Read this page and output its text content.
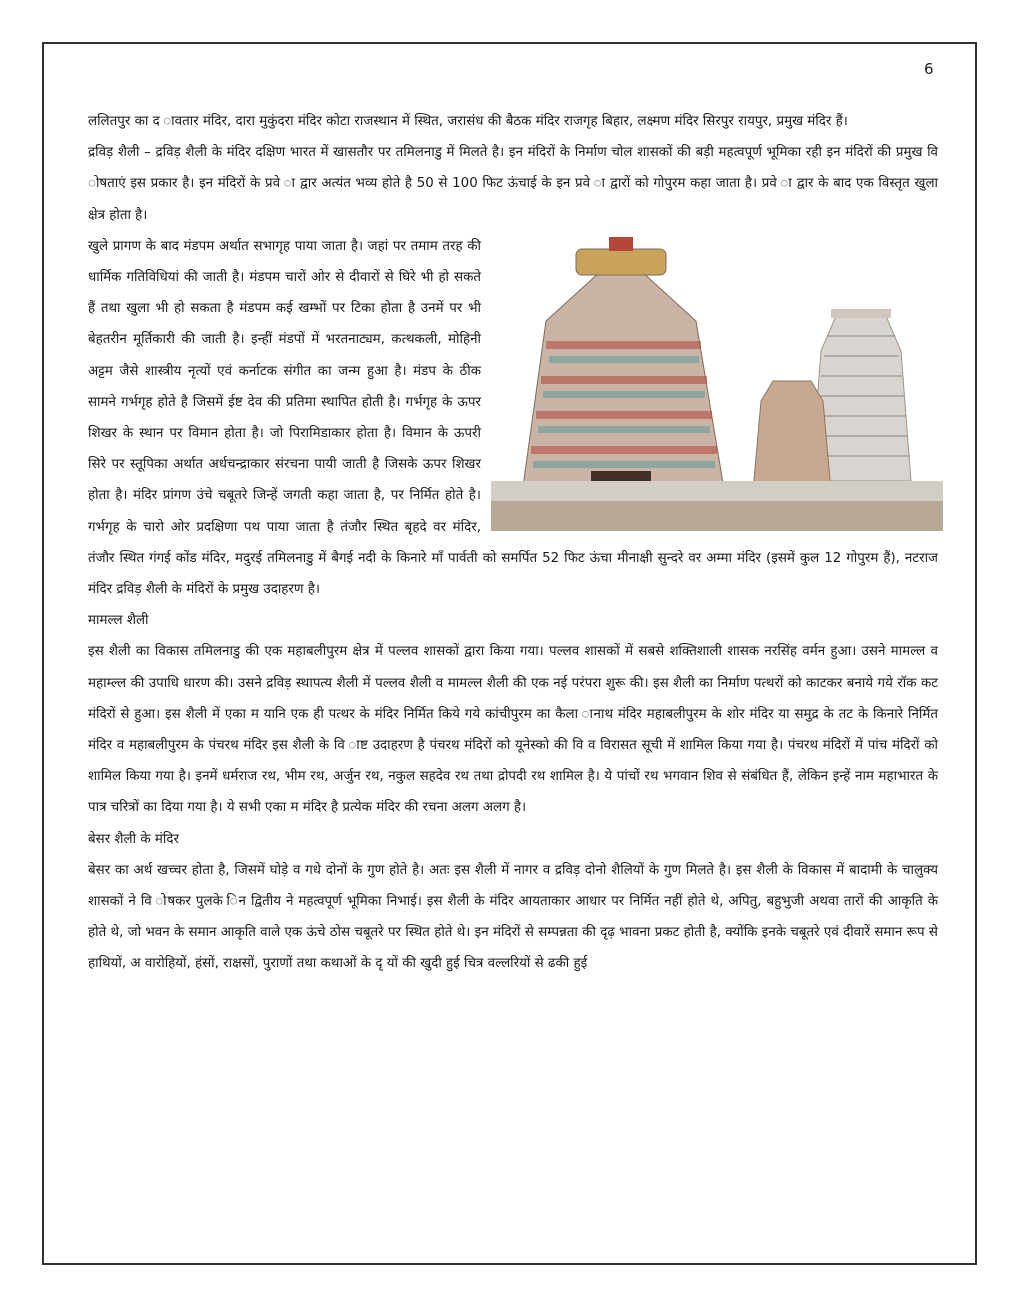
6

ललितपुर का द ावतार मंदिर, दारा मुकुंदरा मंदिर कोटा राजस्थान में स्थित, जरासंध की बैठक मंदिर राजगृह बिहार, लक्ष्मण मंदिर सिरपुर रायपुर, प्रमुख मंदिर हैं।

द्रविड़ शैली – द्रविड़ शैली के मंदिर दक्षिण भारत में खासतौर पर तमिलनाडु में मिलते है। इन मंदिरों के निर्माण चोल शासकों की बड़ी महत्वपूर्ण भूमिका रही इन मंदिरों की प्रमुख वि ोषताएं इस प्रकार है। इन मंदिरों के प्रवे ा द्वार अत्यंत भव्य होते है 50 से 100 फिट ऊंचाई के इन प्रवे ा द्वारों को गोपुरम कहा जाता है। प्रवे ा द्वार के बाद एक विस्तृत खुला क्षेत्र होता है।

खुले प्रागण के बाद मंडपम अर्थात सभागृह पाया जाता है। जहां पर तमाम तरह की धार्मिक गतिविधियां की जाती है। मंडपम चारों ओर से दीवारों से घिरे भी हो सकते हैं तथा खुला भी हो सकता है मंडपम कई खम्भों पर टिका होता है उनमें पर भी बेहतरीन मूर्तिकारी की जाती है। इन्हीं मंडपों में भरतनाट्यम, कत्थकली, मोहिनी अट्टम जैसे शास्त्रीय नृत्यों एवं कर्नाटक संगीत का जन्म हुआ है। मंडप के ठीक सामने गर्भगृह होते है जिसमें ईष्ट देव की प्रतिमा स्थापित होती है। गर्भगृह के ऊपर शिखर के स्थान पर विमान होता है। जो पिरामिडाकार होता है। विमान के ऊपरी सिरे पर स्तूपिका अर्थात अर्धचन्द्राकार संरचना पायी जाती है जिसके ऊपर शिखर होता है। मंदिर प्रांगण उंचे चबूतरे जिन्हें जगती कहा जाता है, पर निर्मित होते है। गर्भगृह के चारो ओर प्रदक्षिणा पथ पाया जाता है तंजौर स्थित बृहदे वर मंदिर, तंजौर स्थित गंगई कोंड मंदिर, मदुरई तमिलनाडु में बैगई नदी के किनारे माँ पार्वती को समर्पित 52 फिट ऊंचा मीनाक्षी सुन्दरे वर अम्मा मंदिर (इसमें कुल 12 गोपुरम हैं), नटराज मंदिर द्रविड़ शैली के मंदिरों के प्रमुख उदाहरण है।

मामल्ल शैली

इस शैली का विकास तमिलनाडु की एक महाबलीपुरम क्षेत्र में पल्लव शासकों द्वारा किया गया। पल्लव शासकों में सबसे शक्तिशाली शासक नरसिंह वर्मन हुआ। उसने मामल्ल व महाम्ल्ल की उपाधि धारण की। उसने द्रविड़ स्थापत्य शैली में पल्लव शैली व मामल्ल शैली की एक नई परंपरा शुरू की। इस शैली का निर्माण पत्थरों को काटकर बनाये गये रॉक कट मंदिरों से हुआ। इस शैली में एका म यानि एक ही पत्थर के मंदिर निर्मित किये गये कांचीपुरम का कैला ानाथ मंदिर महाबलीपुरम के शोर मंदिर या समुद्र के तट के किनारे निर्मित मंदिर व महाबलीपुरम के पंचरथ मंदिर इस शैली के वि ाष्ट उदाहरण है पंचरथ मंदिरों को यूनेस्को की वि व विरासत सूची में शामिल किया गया है। पंचरथ मंदिरों में पांच मंदिरों को शामिल किया गया है। इनमें धर्मराज रथ, भीम रथ, अर्जुन रथ, नकुल सहदेव रथ तथा द्रोपदी रथ शामिल है। ये पांचों रथ भगवान शिव से संबंधित हैं, लेकिन इन्हें नाम महाभारत के पात्र चरित्रों का दिया गया है। ये सभी एका म मंदिर है प्रत्येक मंदिर की रचना अलग अलग है।

बेसर शैली के मंदिर

बेसर का अर्थ खच्चर होता है, जिसमें घोड़े व गधे दोनों के गुण होते है। अतः इस शैली में नागर व द्रविड़ दोनो शैलियों के गुण मिलते है। इस शैली के विकास में बादामी के चालुक्य शासकों ने वि ोषकर पुलके िन द्वितीय ने महत्वपूर्ण भूमिका निभाई। इस शैली के मंदिर आयताकार आधार पर निर्मित नहीं होते थे, अपितु, बहुभुजी अथवा तारों की आकृति के होते थे, जो भवन के समान आकृति वाले एक ऊंचे ठोस चबूतरे पर स्थित होते थे। इन मंदिरों से सम्पन्नता की दृढ़ भावना प्रकट होती है, क्योंकि इनके चबूतरे एवं दीवारें समान रूप से हाथियों, अ वारोहियों, हंसों, राक्षसों, पुराणों तथा कथाओं के दृ यों की खुदी हुई चित्र वल्लरियों से ढकी हुई
